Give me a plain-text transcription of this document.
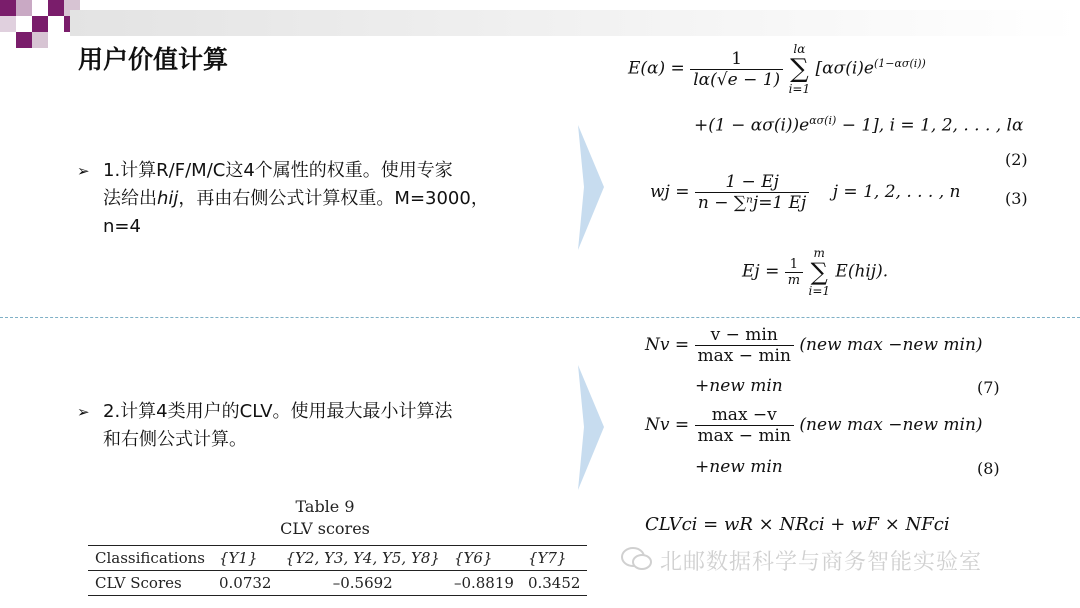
用户价值计算
➢ 1.计算R/F/M/C这4个属性的权重。使用专家
法给出hij，再由右侧公式计算权重。M=3000，
n=4
➢ 2.计算4类用户的CLV。使用最大最小计算法
和右侧公式计算。
$E(\alpha) = \frac{1}{l\alpha(√e - 1)}$
lα
∑
i=1
[$\alpha\sigma(i)e^{(1-\alpha\sigma(i))}$
$+(1 - \alpha\sigma(i))e^{\alpha\sigma(i)} - 1$], i = 1, 2, . . . , lα
(2)
wj = $\frac{1 - Ej}{\text{n − ∑ⁿj=1 Ej}}$ j = 1, 2, . . . , n	(3)
$Ej = \frac{1}{m}$

m
∑
i=1
E(hij).
$Nv = \frac{v - \min}{\max - \min} (new$ max −new min)
+new min	(7)
$Nv = \frac{\max -v}{\max - \min} (new$ max −new min)
+new min	(8)
CLVci = wR × NRci + wF × NFci
Table 9
CLV scores
Classifications	{Y1}	{Y2, Y3, Y4, Y5, Y8}	{Y6}	{Y7}
CLV Scores	0.0732	–0.5692	–0.8819	0.3452
北邮数据科学与商务智能实验室
